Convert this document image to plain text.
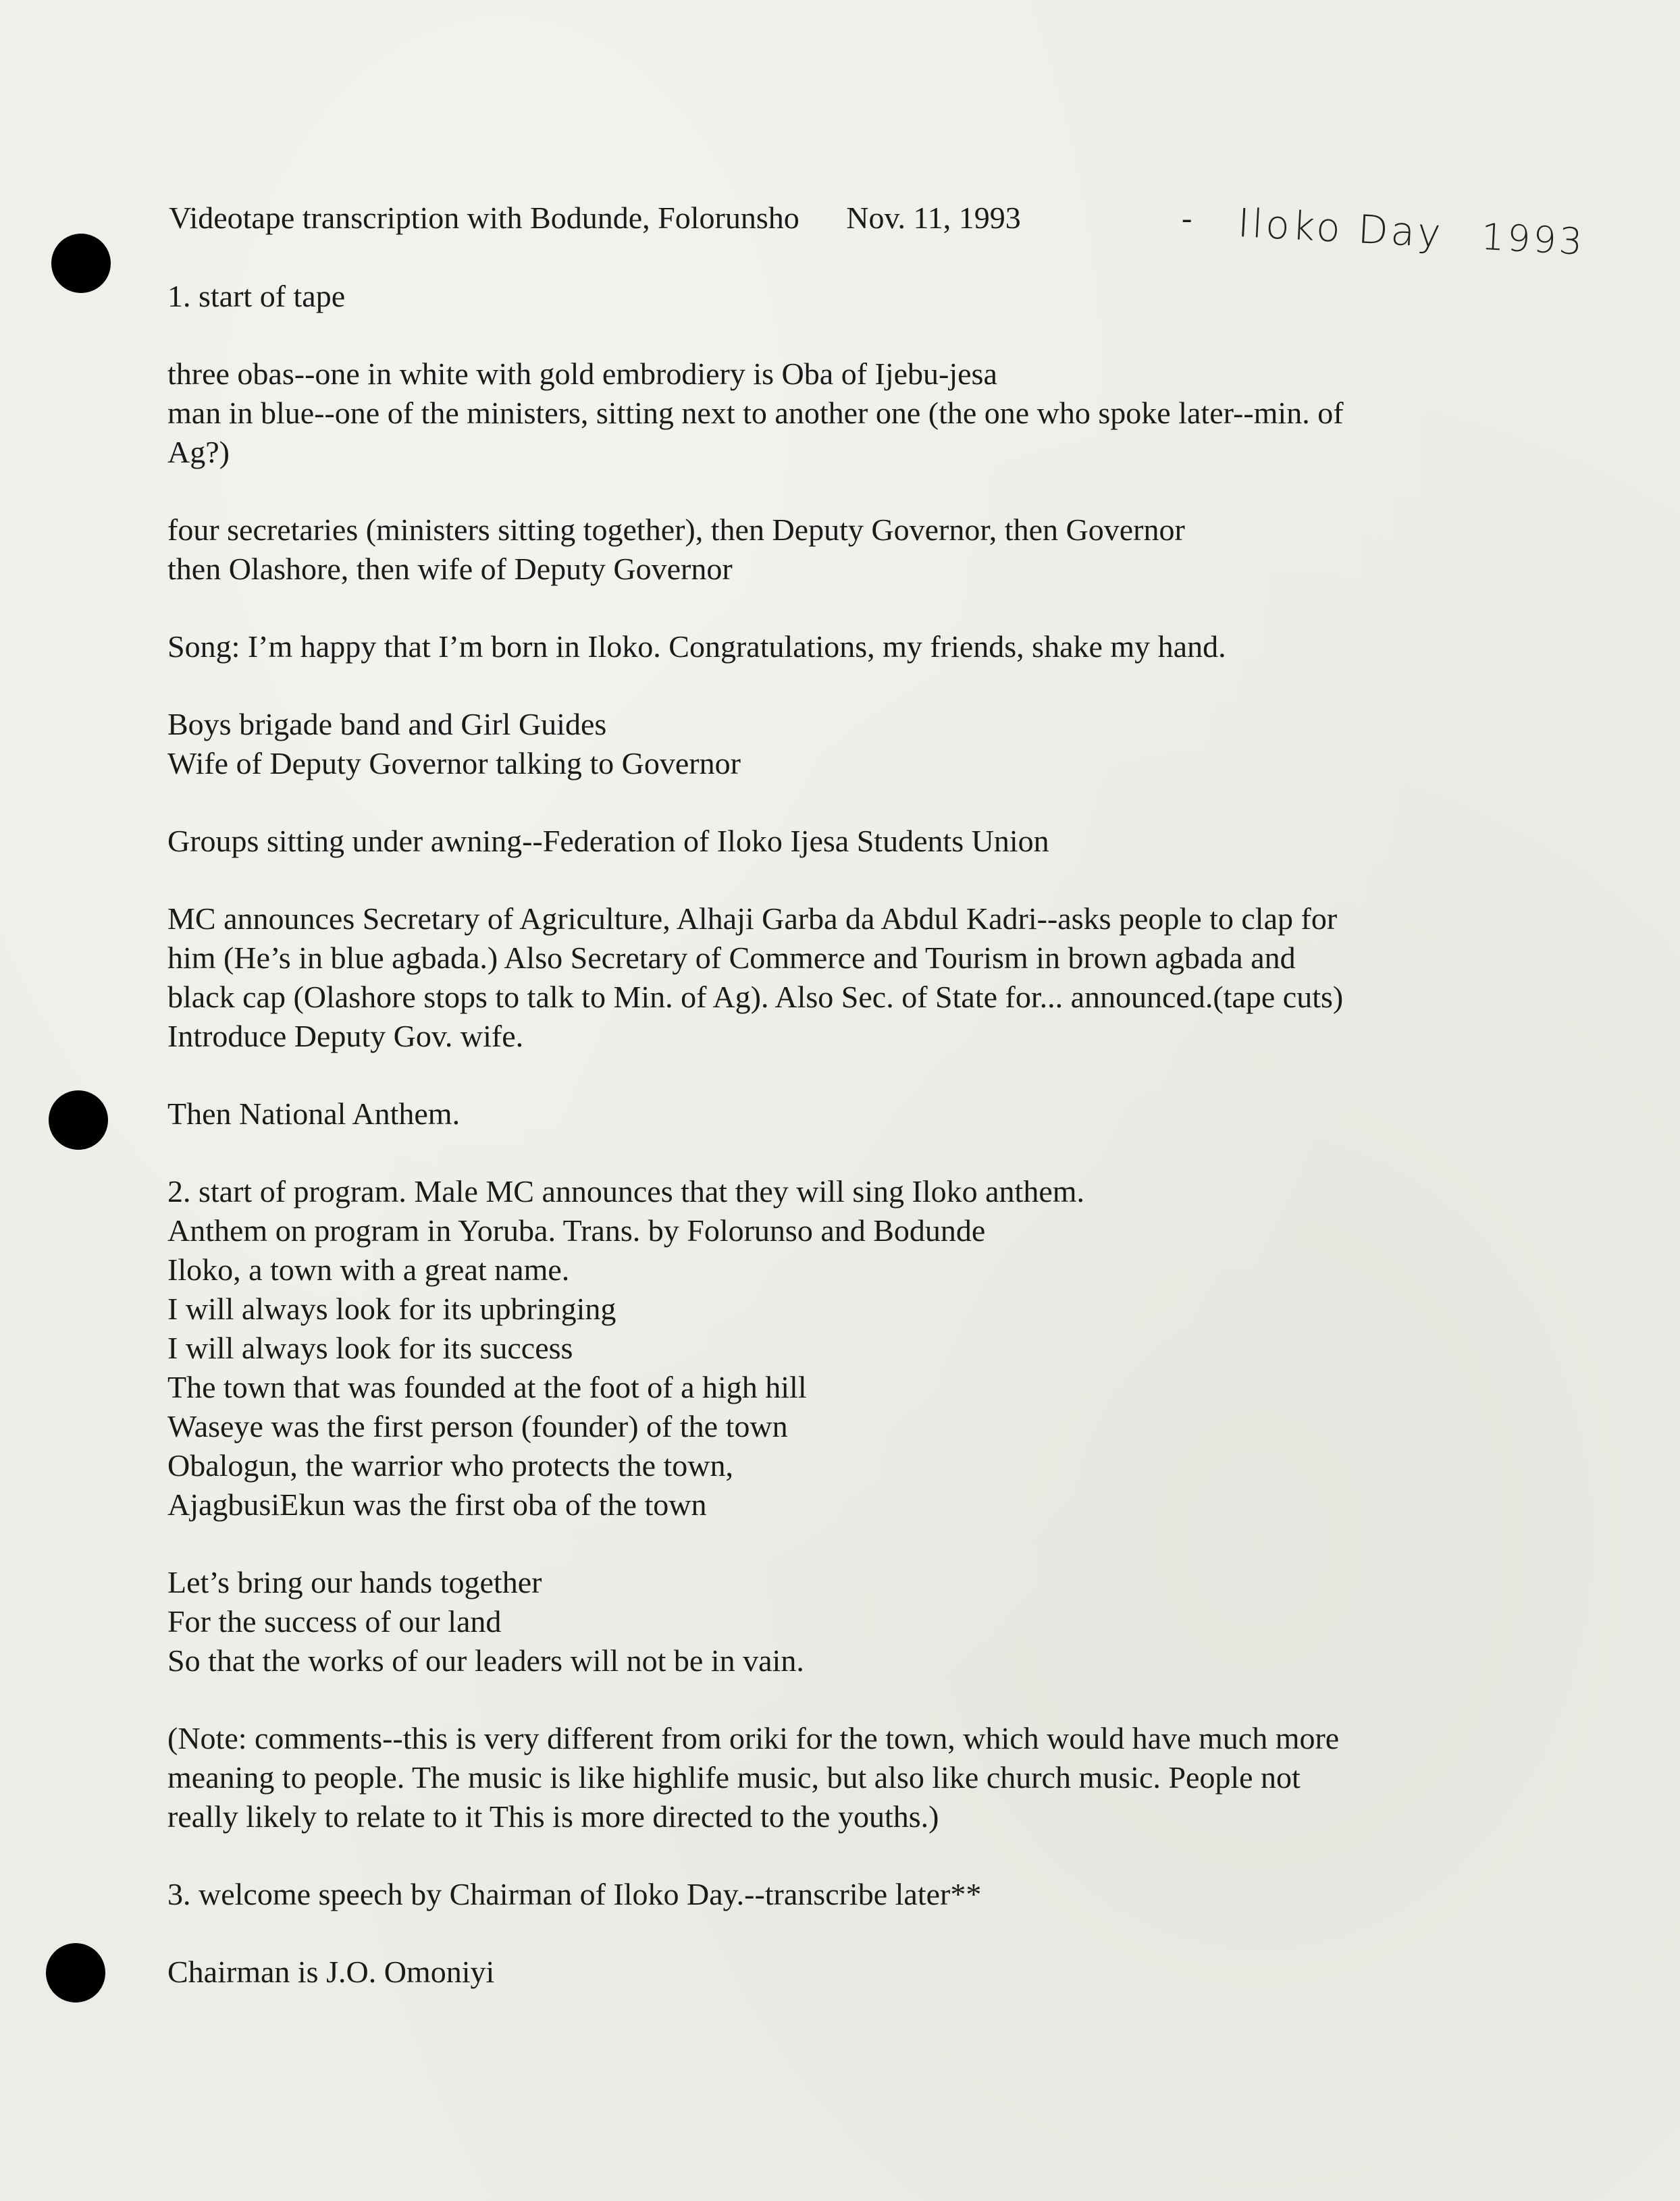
Videotape transcription with Bodunde, Folorunsho Nov. 11, 1993	- Iloko Day 1993
1. start of tape
three obas--one in white with gold embrodiery is Oba of Ijebu-jesa
man in blue--one of the ministers, sitting next to another one (the one who spoke later--min. of
Ag?)
four secretaries (ministers sitting together), then Deputy Governor, then Governor
then Olashore, then wife of Deputy Governor
Song: I’m happy that I’m born in Iloko. Congratulations, my friends, shake my hand.
Boys brigade band and Girl Guides
Wife of Deputy Governor talking to Governor
Groups sitting under awning--Federation of Iloko Ijesa Students Union
MC announces Secretary of Agriculture, Alhaji Garba da Abdul Kadri--asks people to clap for
him (He’s in blue agbada.) Also Secretary of Commerce and Tourism in brown agbada and
black cap (Olashore stops to talk to Min. of Ag). Also Sec. of State for... announced.(tape cuts)
Introduce Deputy Gov. wife.
Then National Anthem.
2. start of program. Male MC announces that they will sing Iloko anthem.
Anthem on program in Yoruba. Trans. by Folorunso and Bodunde
Iloko, a town with a great name.
I will always look for its upbringing
I will always look for its success
The town that was founded at the foot of a high hill
Waseye was the first person (founder) of the town
Obalogun, the warrior who protects the town,
AjagbusiEkun was the first oba of the town
Let’s bring our hands together
For the success of our land
So that the works of our leaders will not be in vain.
(Note: comments--this is very different from oriki for the town, which would have much more
meaning to people. The music is like highlife music, but also like church music. People not
really likely to relate to it This is more directed to the youths.)
3. welcome speech by Chairman of Iloko Day.--transcribe later**
Chairman is J.O. Omoniyi
